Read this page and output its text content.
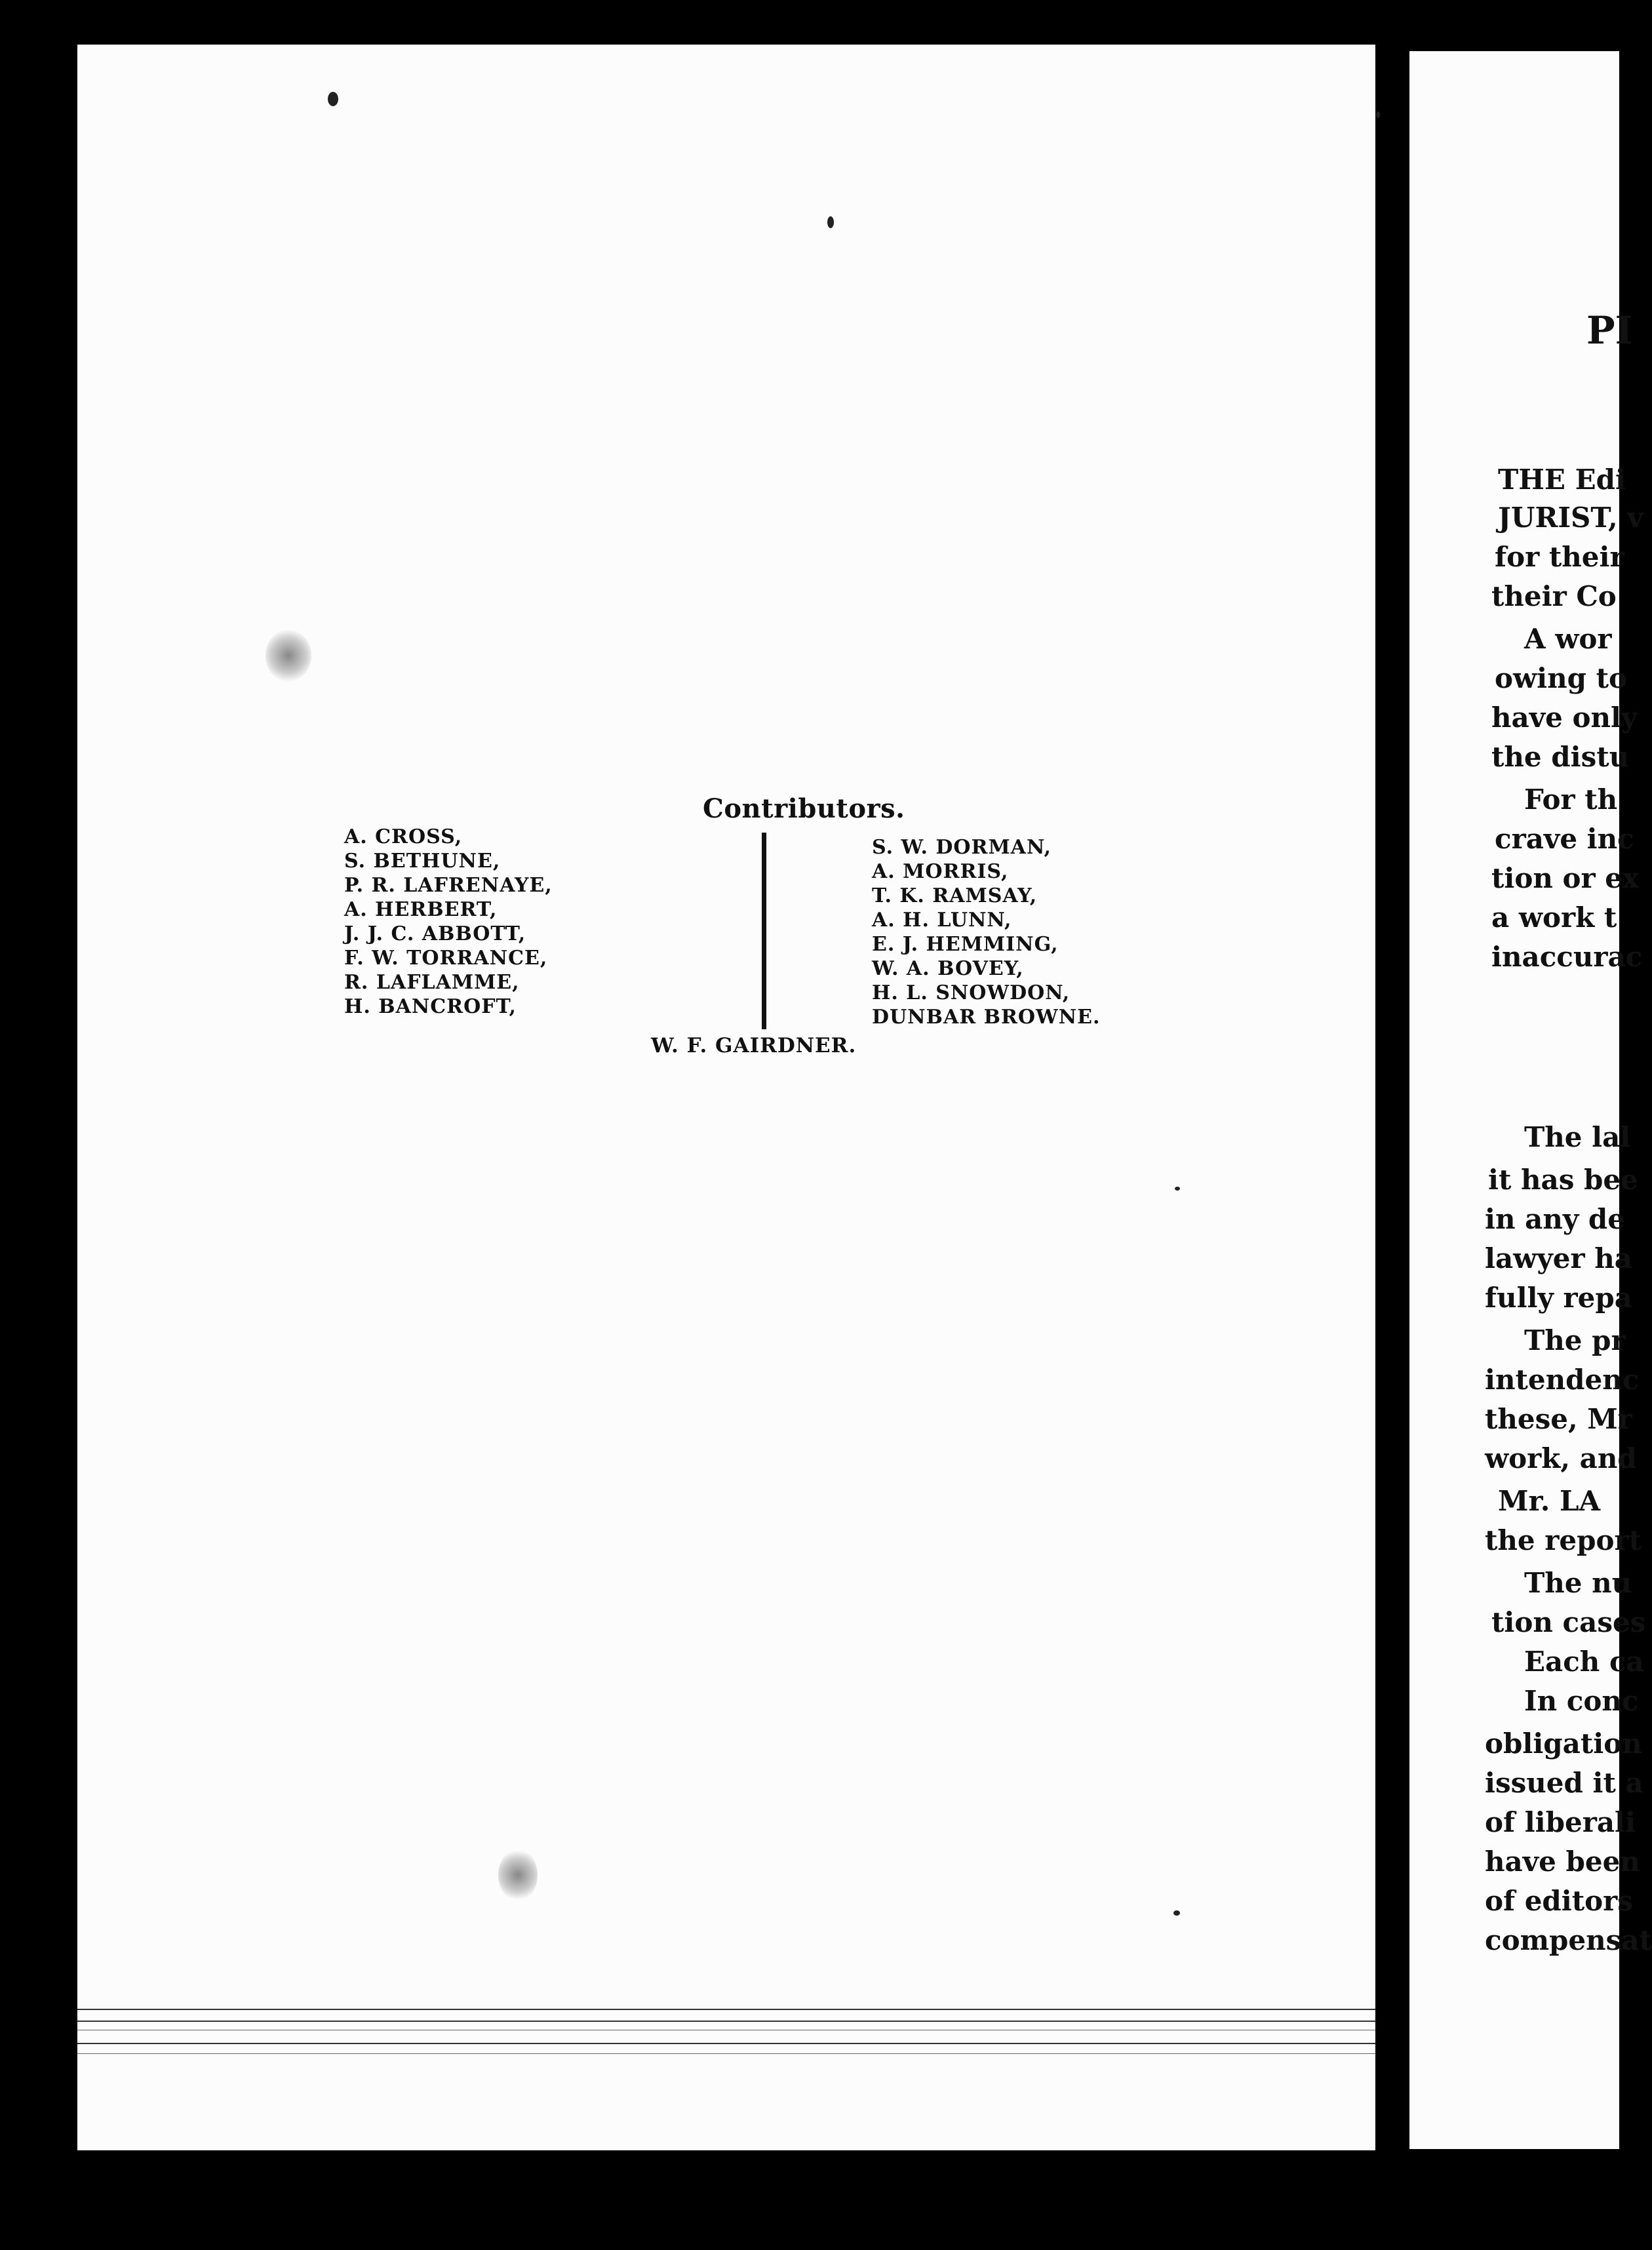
Contributors.
A. CROSS,
S. BETHUNE,
P. R. LAFRENAYE,
A. HERBERT,
J. J. C. ABBOTT,
F. W. TORRANCE,
R. LAFLAMME,
H. BANCROFT,
S. W. DORMAN,
A. MORRIS,
T. K. RAMSAY,
A. H. LUNN,
E. J. HEMMING,
W. A. BOVEY,
H. L. SNOWDON,
DUNBAR BROWNE.
W. F. GAIRDNER.
PI
THE Edi
JURIST, v
for their
their Co
A wor
owing to
have only
the distu
For th
crave inc
tion or ex
a work t
inaccurac
The lal
it has bee
in any de
lawyer ha
fully repa
The pr
intendenc
these, Mr
work, and
Mr. LA
the report
The nu
tion cases
Each ca
In conc
obligation
issued it a
of liberali
have been
of editors
compensat
